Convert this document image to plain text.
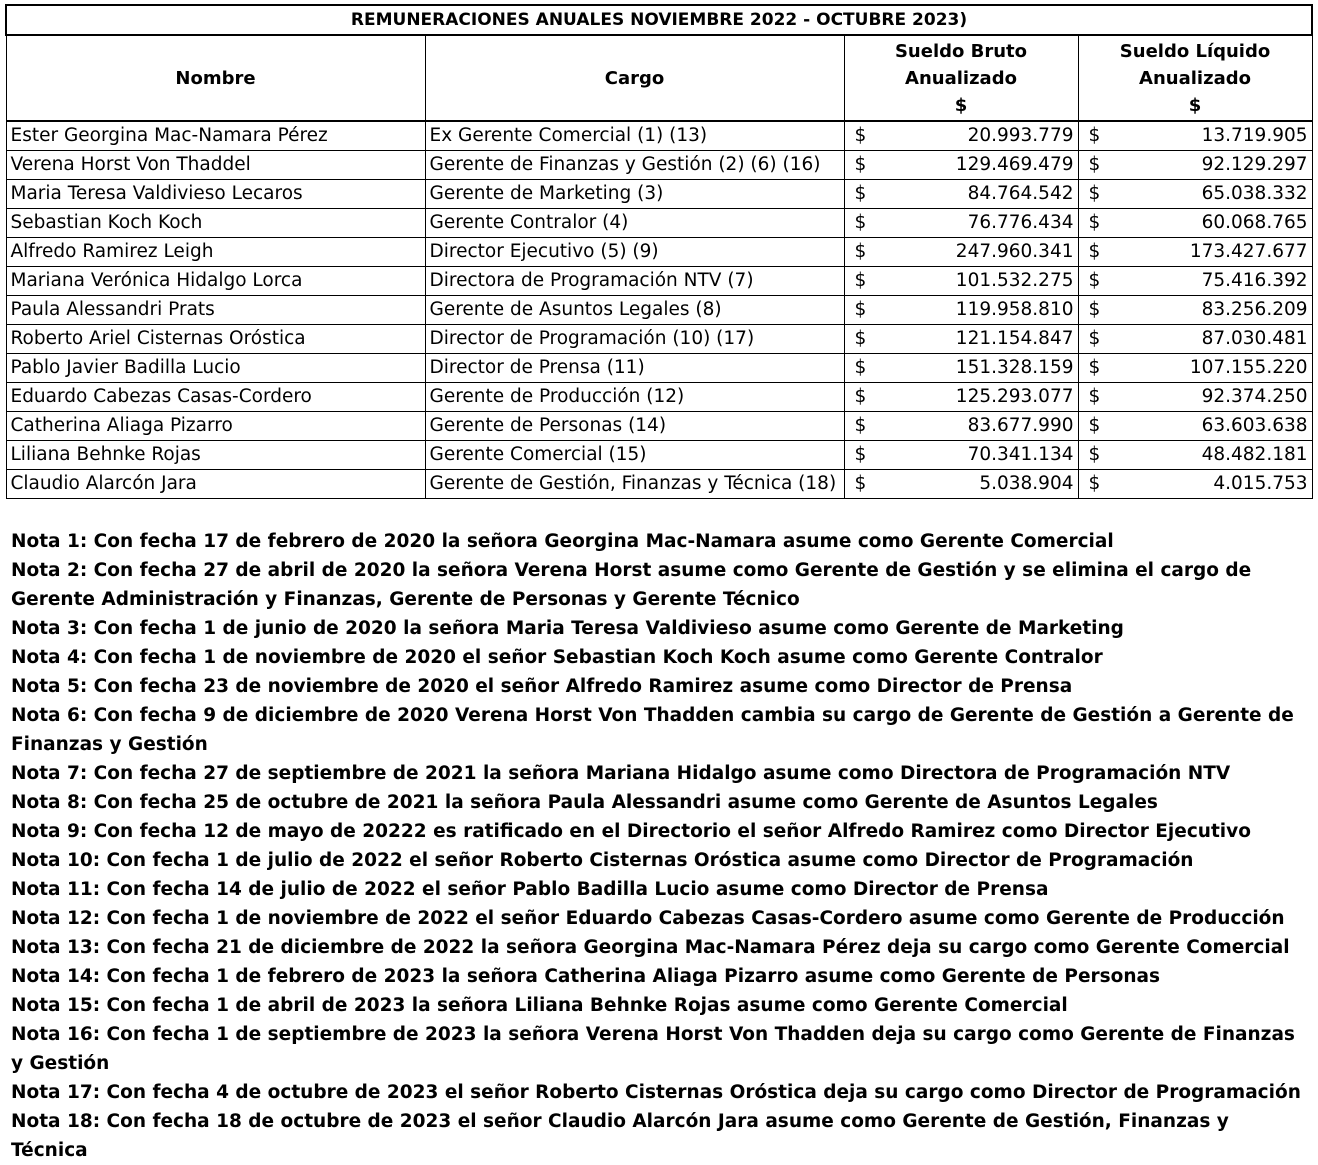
REMUNERACIONES ANUALES NOVIEMBRE 2022 - OCTUBRE 2023)			
Nombre	Cargo	Sueldo Bruto
Anualizado
$	Sueldo Líquido
Anualizado
$
Ester Georgina Mac-Namara Pérez	Ex Gerente Comercial (1) (13)	$ 20.993.779	$ 13.719.905

Verena Horst Von Thaddel	Gerente de Finanzas y Gestión (2) (6) (16)	$ 129.469.479	$ 92.129.297

Maria Teresa Valdivieso Lecaros	Gerente de Marketing (3)	$ 84.764.542	$ 65.038.332

Sebastian Koch Koch	Gerente Contralor (4)	$ 76.776.434	$ 60.068.765

Alfredo Ramirez Leigh	Director Ejecutivo (5) (9)	$ 247.960.341	$ 173.427.677

Mariana Verónica Hidalgo Lorca	Directora de Programación NTV (7)	$ 101.532.275	$ 75.416.392

Paula Alessandri Prats	Gerente de Asuntos Legales (8)	$ 119.958.810	$ 83.256.209

Roberto Ariel Cisternas Oróstica	Director de Programación (10) (17)	$ 121.154.847	$ 87.030.481

Pablo Javier Badilla Lucio	Director de Prensa (11)	$ 151.328.159	$ 107.155.220

Eduardo Cabezas Casas-Cordero	Gerente de Producción (12)	$ 125.293.077	$ 92.374.250

Catherina Aliaga Pizarro	Gerente de Personas (14)	$ 83.677.990	$ 63.603.638

Liliana Behnke Rojas	Gerente Comercial (15)	$ 70.341.134	$ 48.482.181

Claudio Alarcón Jara	Gerente de Gestión, Finanzas y Técnica (18)	$ 5.038.904	$ 4.015.753

Nota 1: Con fecha 17 de febrero de 2020 la señora Georgina Mac-Namara asume como Gerente Comercial

Nota 2: Con fecha 27 de abril de 2020 la señora Verena Horst asume como Gerente de Gestión y se elimina el cargo de Gerente Administración y Finanzas, Gerente de Personas y Gerente Técnico

Nota 3: Con fecha 1 de junio de 2020 la señora Maria Teresa Valdivieso asume como Gerente de Marketing

Nota 4: Con fecha 1 de noviembre de 2020 el señor Sebastian Koch Koch asume como Gerente Contralor

Nota 5: Con fecha 23 de noviembre de 2020 el señor Alfredo Ramirez asume como Director de Prensa

Nota 6: Con fecha 9 de diciembre de 2020 Verena Horst Von Thadden cambia su cargo de Gerente de Gestión a Gerente de Finanzas y Gestión

Nota 7: Con fecha 27 de septiembre de 2021 la señora Mariana Hidalgo asume como Directora de Programación NTV

Nota 8: Con fecha 25 de octubre de 2021 la señora Paula Alessandri asume como Gerente de Asuntos Legales

Nota 9: Con fecha 12 de mayo de 20222 es ratificado en el Directorio el señor Alfredo Ramirez como Director Ejecutivo

Nota 10: Con fecha 1 de julio de 2022 el señor Roberto Cisternas Oróstica asume como Director de Programación

Nota 11: Con fecha 14 de julio de 2022 el señor Pablo Badilla Lucio asume como Director de Prensa

Nota 12: Con fecha 1 de noviembre de 2022 el señor Eduardo Cabezas Casas-Cordero asume como Gerente de Producción

Nota 13: Con fecha 21 de diciembre de 2022 la señora Georgina Mac-Namara Pérez deja su cargo como Gerente Comercial

Nota 14: Con fecha 1 de febrero de 2023 la señora Catherina Aliaga Pizarro asume como Gerente de Personas

Nota 15: Con fecha 1 de abril de 2023 la señora Liliana Behnke Rojas asume como Gerente Comercial

Nota 16: Con fecha 1 de septiembre de 2023 la señora Verena Horst Von Thadden deja su cargo como Gerente de Finanzas y Gestión

Nota 17: Con fecha 4 de octubre de 2023 el señor Roberto Cisternas Oróstica deja su cargo como Director de Programación

Nota 18: Con fecha 18 de octubre de 2023 el señor Claudio Alarcón Jara asume como Gerente de Gestión, Finanzas y Técnica
